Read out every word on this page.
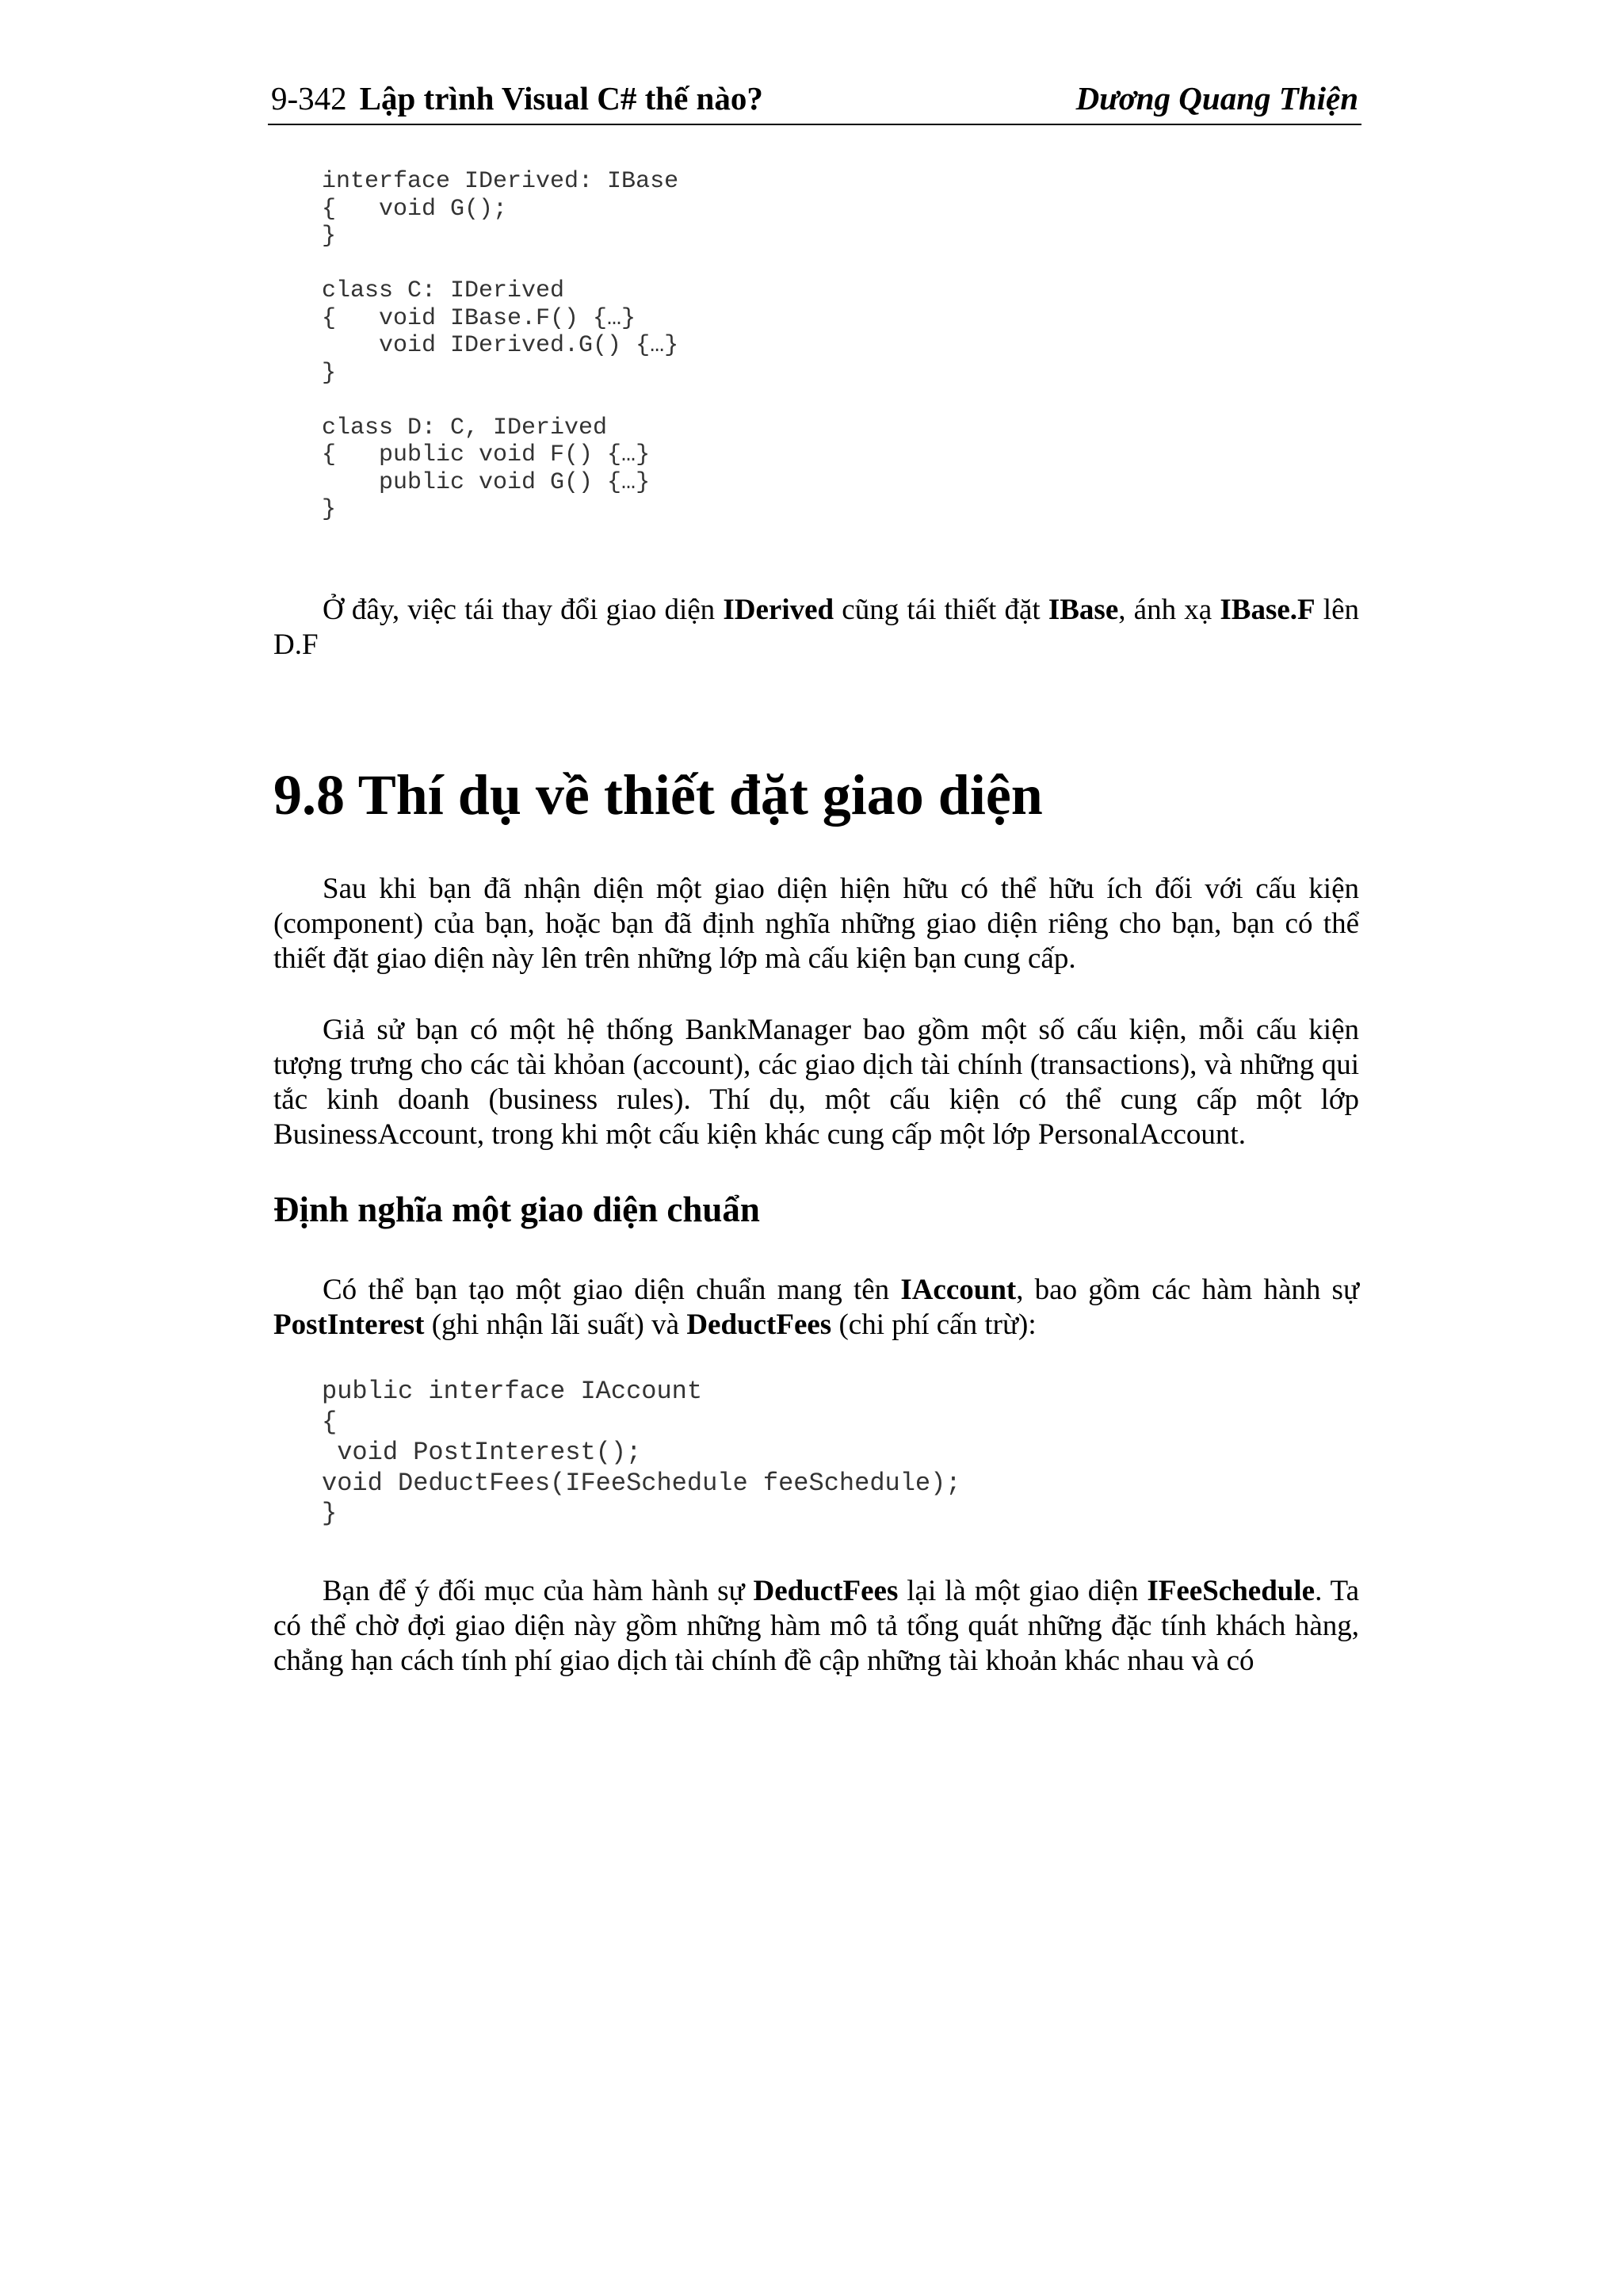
9-342 Lập trình Visual C# thế nào?	Dương Quang Thiện
interface IDerived: IBase
{   void G();
}

class C: IDerived
{   void IBase.F() {…}
void IDerived.G() {…}
}

class D: C, IDerived
{   public void F() {…}
public void G() {…}
}

Ở đây, việc tái thay đổi giao diện IDerived cũng tái thiết đặt IBase, ánh xạ IBase.F lên D.F

9.8 Thí dụ về thiết đặt giao diện

Sau khi bạn đã nhận diện một giao diện hiện hữu có thể hữu ích đối với cấu kiện (component) của bạn, hoặc bạn đã định nghĩa những giao diện riêng cho bạn, bạn có thể thiết đặt giao diện này lên trên những lớp mà cấu kiện bạn cung cấp.

Giả sử bạn có một hệ thống BankManager bao gồm một số cấu kiện, mỗi cấu kiện tượng trưng cho các tài khỏan (account), các giao dịch tài chính (transactions), và những qui tắc kinh doanh (business rules). Thí dụ, một cấu kiện có thể cung cấp một lớp BusinessAccount, trong khi một cấu kiện khác cung cấp một lớp PersonalAccount.

Định nghĩa một giao diện chuẩn

Có thể bạn tạo một giao diện chuẩn mang tên IAccount, bao gồm các hàm hành sự PostInterest (ghi nhận lãi suất) và DeductFees (chi phí cấn trừ):

public interface IAccount
{
void PostInterest();
void DeductFees(IFeeSchedule feeSchedule);
}

Bạn để ý đối mục của hàm hành sự DeductFees lại là một giao diện IFeeSchedule. Ta có thể chờ đợi giao diện này gồm những hàm mô tả tổng quát những đặc tính khách hàng, chẳng hạn cách tính phí giao dịch tài chính đề cập những tài khoản khác nhau và có
